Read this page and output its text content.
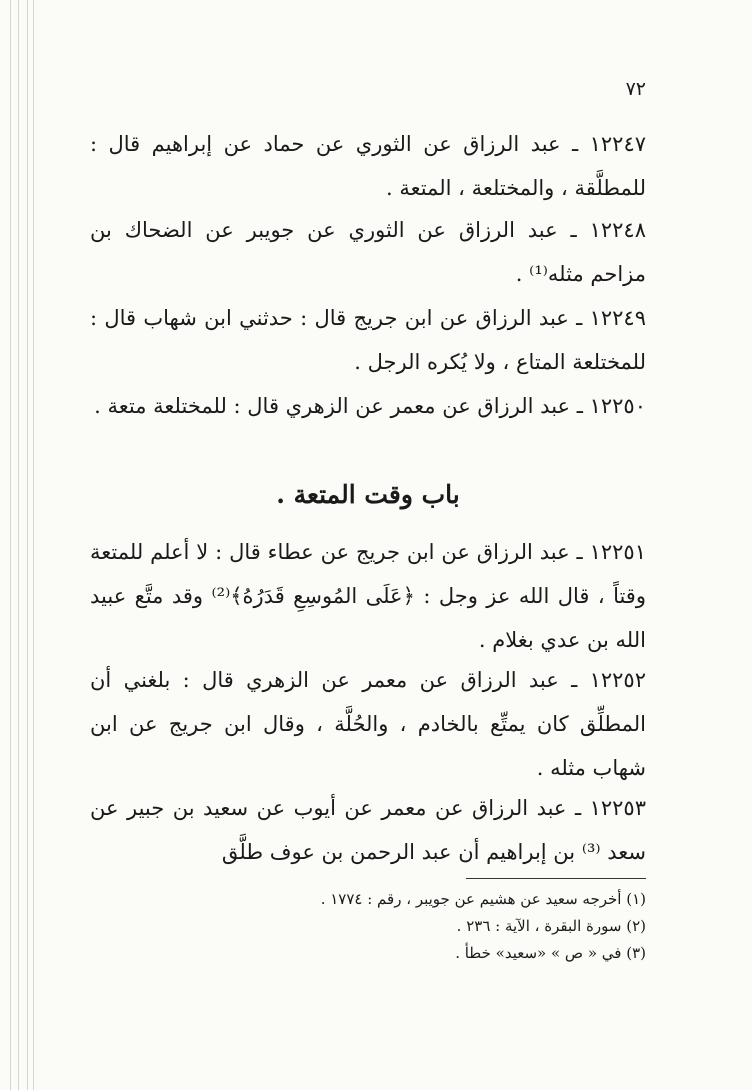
٧٢

١٢٢٤٧ ـ عبد الرزاق عن الثوري عن حماد عن إبراهيم قال : للمطلَّقة ، والمختلعة ، المتعة .

١٢٢٤٨ ـ عبد الرزاق عن الثوري عن جويبر عن الضحاك بن مزاحم مثله⁽¹⁾ .

١٢٢٤٩ ـ عبد الرزاق عن ابن جريج قال : حدثني ابن شهاب قال : للمختلعة المتاع ، ولا يُكره الرجل .

١٢٢٥٠ ـ عبد الرزاق عن معمر عن الزهري قال : للمختلعة متعة .

باب وقت المتعة .

١٢٢٥١ ـ عبد الرزاق عن ابن جريج عن عطاء قال : لا أعلم للمتعة وقتاً ، قال الله عز وجل : ﴿عَلَى المُوسِعِ قَدَرُهُ﴾⁽²⁾ وقد متَّع عبيد الله بن عدي بغلام .

١٢٢٥٢ ـ عبد الرزاق عن معمر عن الزهري قال : بلغني أن المطلِّق كان يمتِّع بالخادم ، والحُلَّة ، وقال ابن جريج عن ابن شهاب مثله .

١٢٢٥٣ ـ عبد الرزاق عن معمر عن أيوب عن سعيد بن جبير عن سعد ⁽³⁾ بن إبراهيم أن عبد الرحمن بن عوف طلَّق

(١) أخرجه سعيد عن هشيم عن جويبر ، رقم : ١٧٧٤ .
(٢) سورة البقرة ، الآية : ٢٣٦ .
(٣) في « ص » «سعيد» خطأ .
